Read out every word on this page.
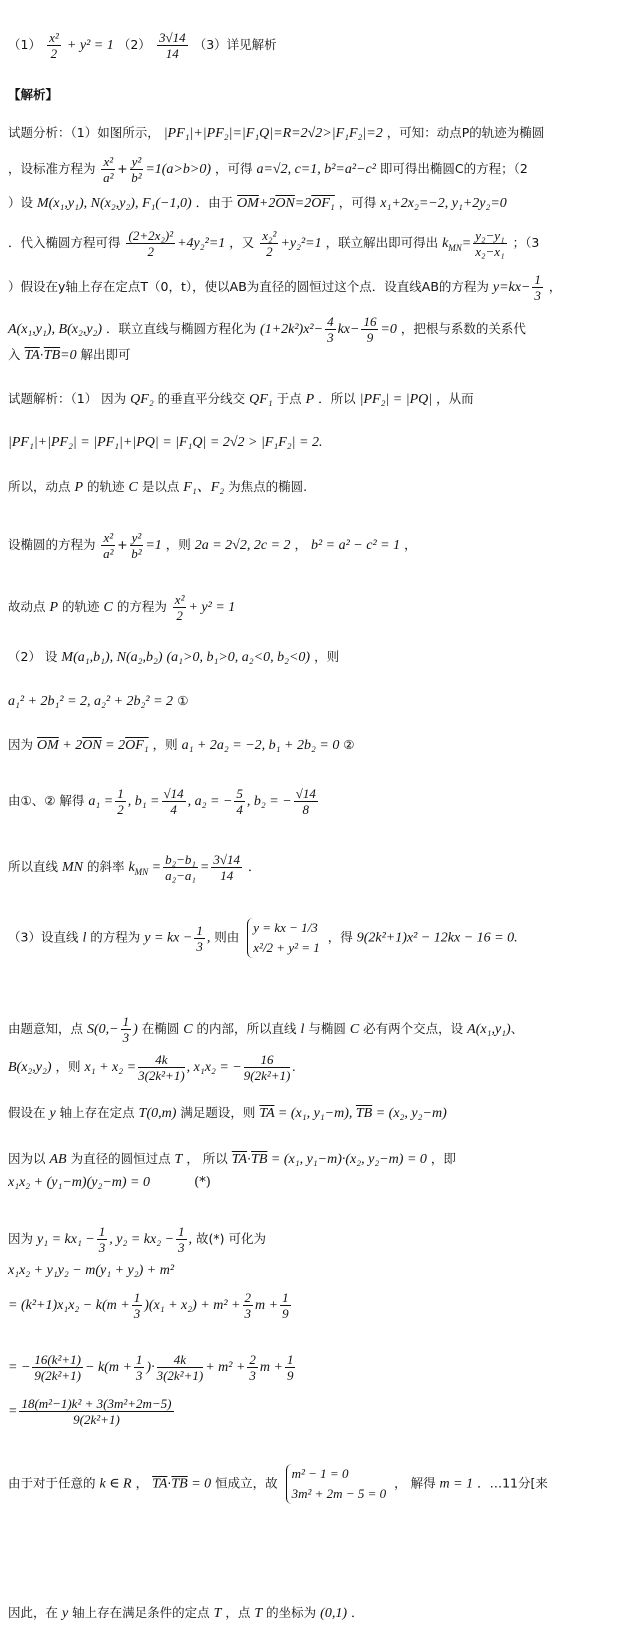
$(1) \frac{\text{x²}}{2} + y^2 = 1$ $(2) \frac{3√14}{14} (3)$详见解析
【解析】
试题分析：（1）如图所示， |PF₁|+|PF₂|=|F₁Q|=R=2√2>|F₁F₂|=2 ，可知：动点P的轨迹为椭圆
，设标准方程为 $\frac{\text{x²}}{\text{a²}} + \frac{\text{y²}}{\text{b²}} =1(a>b>0)$ ，可得 a=√2, c=1, b²=a²−c² 即可得出椭圆C的方程；（2
）设 M(x₁,y₁), N(x₂,y₂), F₁(−1,0) ．由于 $\overline{OM}+2\overline{ON}=2OF_1$ ，可得 x₁+2x₂=−2, y₁+2y₂=0
．代入椭圆方程可得 $\frac{\text{(2+2x₂)²}}{2} +4y_2^2=1$ ，又 $\frac{\text{x₂²}}{2} +y_2^2=1$ ，联立解出即可得出 $k_{MN}= \frac{\text{y₂−y₁}}{\text{x₂−x₁}}$ ；（3
）假设在y轴上存在定点T（0，t），使以AB为直径的圆恒过这个点．设直线AB的方程为 $y=kx- \frac{1}{3}$ ，
A(x₁,y₁), B(x₂,y₂) ．联立直线与椭圆方程化为 $(1+2k^2)x^2- \frac{4}{3} kx- \frac{16}{9} =0$ ，把根与系数的关系代
入 $\overline{TA}\cdot\overline{TB}=0$ 解出即可
试题解析：（1） 因为 QF₂ 的垂直平分线交 QF₁ 于点 P ．所以 |PF₂| = |PQ| ，从而
|PF₁|+|PF₂| = |PF₁|+|PQ| = |F₁Q| = 2√2 > |F₁F₂| = 2.
所以，动点 P 的轨迹 C 是以点 F₁、F₂ 为焦点的椭圆.
设椭圆的方程为 $\frac{\text{x²}}{\text{a²}} + \frac{\text{y²}}{\text{b²}} =1$ ，则 2a = 2√2, 2c = 2 ， b² = a² − c² = 1 ，
故动点 P 的轨迹 C 的方程为 $\frac{\text{x²}}{2} + y^2 = 1$
（2） 设 M(a₁,b₁), N(a₂,b₂) (a₁>0, b₁>0, a₂<0, b₂<0) ，则
a₁² + 2b₁² = 2, a₂² + 2b₂² = 2 ①
因为 $\overline{OM} + 2\overline{ON} = 2OF_1$ ，则 a₁ + 2a₂ = −2, b₁ + 2b₂ = 0 ②
由①、② 解得 $a_1 = \frac{1}{2}$ , $b_1 = \frac{√14}{4}$ , a₂ = − $\frac{5}{4}$ , b₂ = − $\frac{√14}{8}$
所以直线 MN 的斜率 $k_{MN} = \frac{\text{b₂−b₁}}{\text{a₂−a₁}} = \frac{3√14}{14}$ ．
（3）设直线 l 的方程为 y = kx − $\frac{1}{3}$ , 则由
y = kx − 1/3
x²/2 + y² = 1
，得 9(2k²+1)x² − 12kx − 16 = 0.
由题意知，点 $S(0,- \frac{1}{3}$ ) 在椭圆 C 的内部，所以直线 l 与椭圆 C 必有两个交点，设 A(x₁,y₁)、
B(x₂,y₂) ，则 $x_1 + x_2 = \frac{4k}{\text{3(2k²+1)}}$ , x₁x₂ = − $\frac{16}{\text{9(2k²+1)}}$ .
假设在 y 轴上存在定点 T(0,m) 满足题设，则 $\overline{TA} = (x_1$, y₁−m), $\overline{TB} = (x_2$, y₂−m)
因为以 AB 为直径的圆恒过点 T ， 所以 $\overline{TA}\cdot\overline{TB} = (x_1$, y₁−m)·(x₂, y₂−m) = 0 ，即
x₁x₂ + (y₁−m)(y₂−m) = 0	(*)
因为 $y_1 = kx_1 - \frac{1}{3}$ , $y_2 = kx_2 - \frac{1}{3}$ , 故(*) 可化为
x₁x₂ + y₁y₂ − m(y₁ + y₂) + m²
= $(k^2+1)x_1x_2 - k(m + \frac{1}{3} )(x_1 + x_2) + m^2 + \frac{2}{3}$ $m + \frac{1}{9}$
= − $\frac{\text{16(k²+1)}}{\text{9(2k²+1)}} - k(m + \frac{1}{3}$ )· $\frac{4k}{\text{3(2k²+1)}} + m^2 + \frac{2}{3}$ $m + \frac{1}{9}$
= $\frac{\text{18(m²−1)k² + 3(3m²+2m−5)}}{\text{9(2k²+1)}}$
由于对于任意的 k ∈ R ， $\overline{TA}\cdot\overline{TB} = 0$ 恒成立，故
m² − 1 = 0
3m² + 2m − 5 = 0
， 解得 m = 1 ．…11分[来
因此，在 y 轴上存在满足条件的定点 T ，点 T 的坐标为 (0,1) ．
